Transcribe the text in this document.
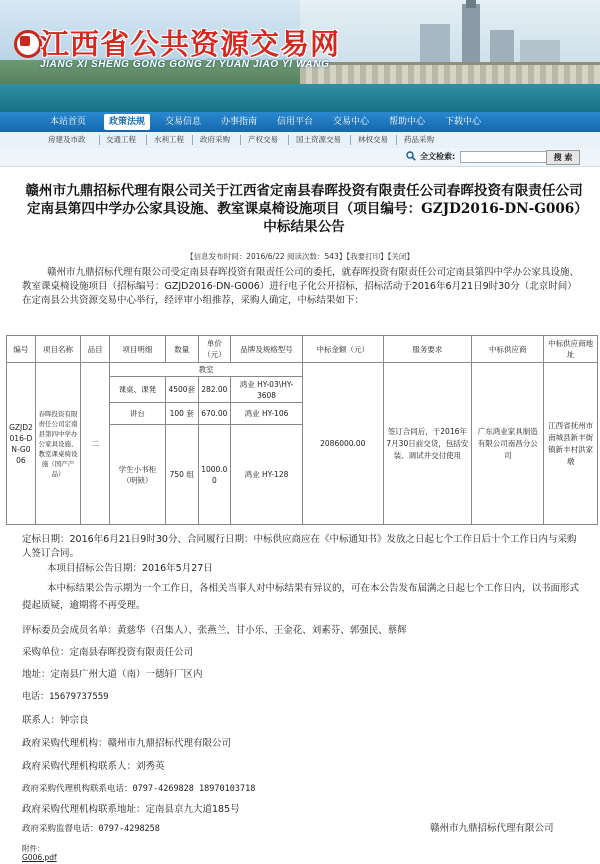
江西省公共资源交易网
JIANG XI SHENG GONG GONG ZI YUAN JIAO YI WANG
本站首页	政策法规	交易信息	办事指南	信用平台	交易中心	帮助中心	下载中心
房建及市政	交通工程 水利工程 政府采购 产权交易 国土资源交易 林权交易 药品采购
全文检索:	搜 索
赣州市九鼎招标代理有限公司关于江西省定南县春晖投资有限责任公司春晖投资有限责任公司定南县第四中学办公家具设施、教室课桌椅设施项目（项目编号：GZJD2016-DN-G006）中标结果公告
【信息发布时间：2016/6/22 阅读次数：543】【我要打印】【关闭】
赣州市九鼎招标代理有限公司受定南县春晖投资有限责任公司的委托，就春晖投资有限责任公司定南县第四中学办公家具设施、教室课桌椅设施项目（招标编号：GZJD2016-DN-G006）进行电子化公开招标，招标活动于2016年6月21日9时30分（北京时间）在定南县公共资源交易中心举行，经评审小组推荐，采购人确定，中标结果如下：
编号	项目名称	品目	项目明细	数量	单价（元）	品牌及规格型号	中标金额（元）	服务要求	中标供应商	中标供应商地址
GZJD2016-DN-G006	春晖投资有限责任公司定南县第四中学办公家具设施、教室课桌椅设施（国产产品）	二	教室				2086000.00	签订合同后，于2016年7月30日前交货，包括安装、调试并交付使用	广东鸿业家具制造有限公司南昌分公司	江西省抚州市南城县新丰街镇新丰村洪家墩
			课桌、课凳	4500套	282.00	鸿业 HY-03\HY-3608				
			讲台	100 套	670.00	鸿业 HY-106				
			学生小书柜（明锁）	750 组	1000.00	鸿业 HY-128				
定标日期：2016年6月21日9时30分、合同履行日期：中标供应商应在《中标通知书》发放之日起七个工作日后十个工作日内与采购人签订合同。
本项目招标公告日期：2016年5月27日
本中标结果公告示期为一个工作日，各相关当事人对中标结果有异议的，可在本公告发布届满之日起七个工作日内，以书面形式提起质疑，逾期将不再受理。
评标委员会成员名单：黄慈华（召集人）、张燕兰、甘小乐、王金花、刘素芬、郭强民、蔡辉
采购单位：定南县春晖投资有限责任公司
地址：定南县广州大道（南）一德轩厂区内
电话：15679737559
联系人：钟宗良
政府采购代理机构：赣州市九鼎招标代理有限公司
政府采购代理机构联系人：刘秀英
政府采购代理机构联系电话：0797-4269828 18970103718
政府采购代理机构联系地址：定南县京九大道185号
政府采购监督电话：0797-4298258	赣州市九鼎招标代理有限公司
附件：
G006.pdf
